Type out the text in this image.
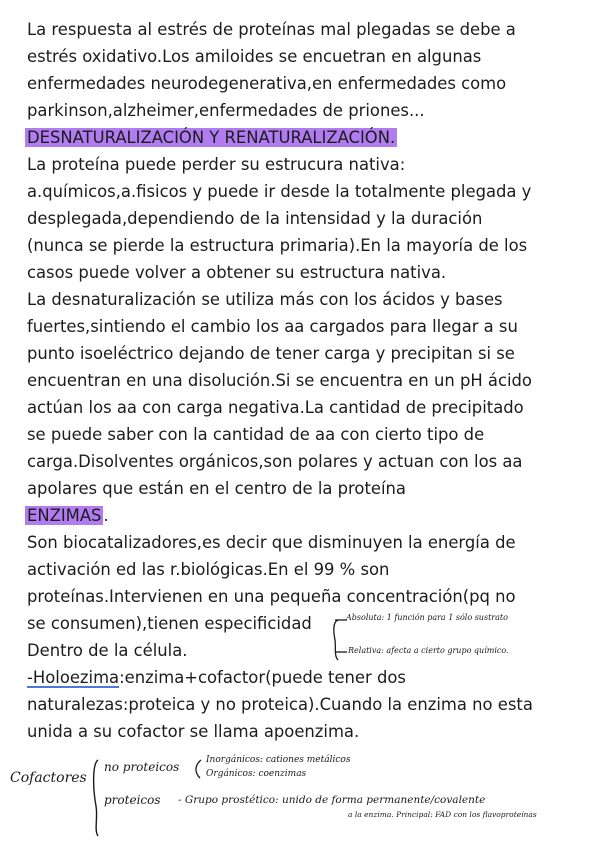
La respuesta al estrés de proteínas mal plegadas se debe a
estrés oxidativo.Los amiloides se encuetran en algunas
enfermedades neurodegenerativa,en enfermedades como
parkinson,alzheimer,enfermedades de priones...
DESNATURALIZACIÓN Y RENATURALIZACIÓN.
La proteína puede perder su estrucura nativa:
a.químicos,a.fisicos y puede ir desde la totalmente plegada y
desplegada,dependiendo de la intensidad y la duración
(nunca se pierde la estructura primaria).En la mayoría de los
casos puede volver a obtener su estructura nativa.
La desnaturalización se utiliza más con los ácidos y bases
fuertes,sintiendo el cambio los aa cargados para llegar a su
punto isoeléctrico dejando de tener carga y precipitan si se
encuentran en una disolución.Si se encuentra en un pH ácido
actúan los aa con carga negativa.La cantidad de precipitado
se puede saber con la cantidad de aa con cierto tipo de
carga.Disolventes orgánicos,son polares y actuan con los aa
apolares que están en el centro de la proteína
ENZIMAS .
Son biocatalizadores,es decir que disminuyen la energía de
activación ed las r.biológicas.En el 99 % son
proteínas.Intervienen en una pequeña concentración(pq no
se consumen),tienen especificidad
Dentro de la célula.
-Holoezima:enzima+cofactor(puede tener dos
naturalezas:proteica y no proteica).Cuando la enzima no esta
unida a su cofactor se llama apoenzima.
Absoluta: 1 función para 1 sólo sustrato
Relativa: afecta a cierto grupo químico.
Cofactores
no proteicos	Inorgánicos: cationes metálicos
Orgánicos: coenzimas
proteicos - Grupo prostético: unido de forma permanente/covalente
a la enzima. Principal: FAD con los flavoproteínas
